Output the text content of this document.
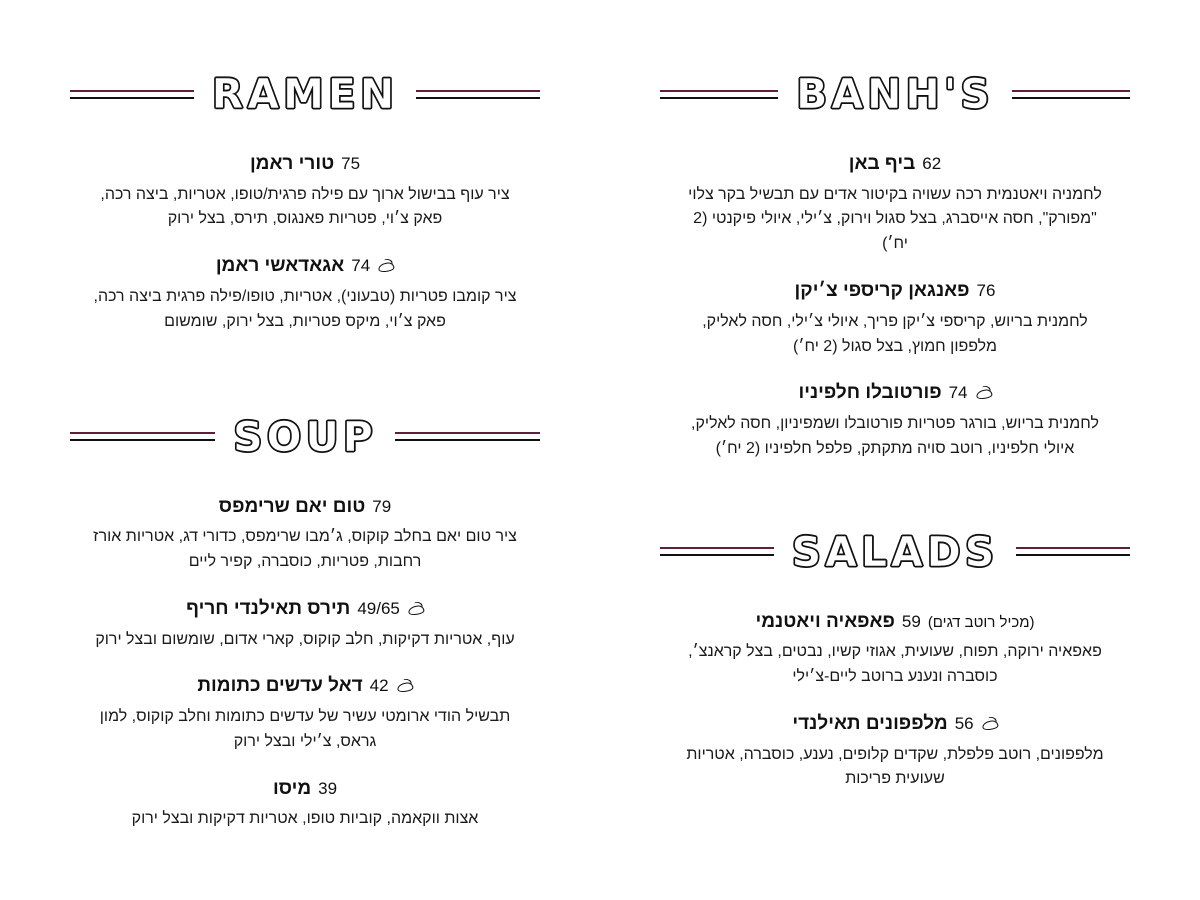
RAMEN
טורי ראמן 75

ציר עוף בבישול ארוך עם פילה פרגית/טופו, אטריות, ביצה רכה, פאק צ׳וי, פטריות פאנגוס, תירס, בצל ירוק

אגאדאשי ראמן 74

ציר קומבו פטריות (טבעוני), אטריות, טופו/פילה פרגית ביצה רכה, פאק צ׳וי, מיקס פטריות, בצל ירוק, שומשום

SOUP
טום יאם שרימפס 79

ציר טום יאם בחלב קוקוס, ג׳מבו שרימפס, כדורי דג, אטריות אורז רחבות, פטריות, כוסברה, קפיר ליים

תירס תאילנדי חריף 49/65

עוף, אטריות דקיקות, חלב קוקוס, קארי אדום, שומשום ובצל ירוק

דאל עדשים כתומות 42

תבשיל הודי ארומטי עשיר של עדשים כתומות וחלב קוקוס, למון גראס, צ׳ילי ובצל ירוק

מיסו 39

אצות ווקאמה, קוביות טופו, אטריות דקיקות ובצל ירוק

BANH'S
ביף באן 62

לחמניה ויאטנמית רכה עשויה בקיטור אדים עם תבשיל בקר צלוי "מפורק", חסה אייסברג, בצל סגול וירוק, צ׳ילי, איולי פיקנטי (2 יח׳)

פאנגאן קריספי צ׳יקן 76

לחמנית בריוש, קריספי צ׳יקן פריך, איולי צ׳ילי, חסה לאליק, מלפפון חמוץ, בצל סגול (2 יח׳)

פורטובלו חלפיניו 74

לחמנית בריוש, בורגר פטריות פורטובלו ושמפיניון, חסה לאליק, איולי חלפיניו, רוטב סויה מתקתק, פלפל חלפיניו (2 יח׳)

SALADS
פאפאיה ויאטנמי 59 (מכיל רוטב דגים)

פאפאיה ירוקה, תפוח, שעועית, אגוזי קשיו, נבטים, בצל קראנצ׳, כוסברה ונענע ברוטב ליים-צ׳ילי

מלפפונים תאילנדי 56

מלפפונים, רוטב פלפלת, שקדים קלופים, נענע, כוסברה, אטריות שעועית פריכות
